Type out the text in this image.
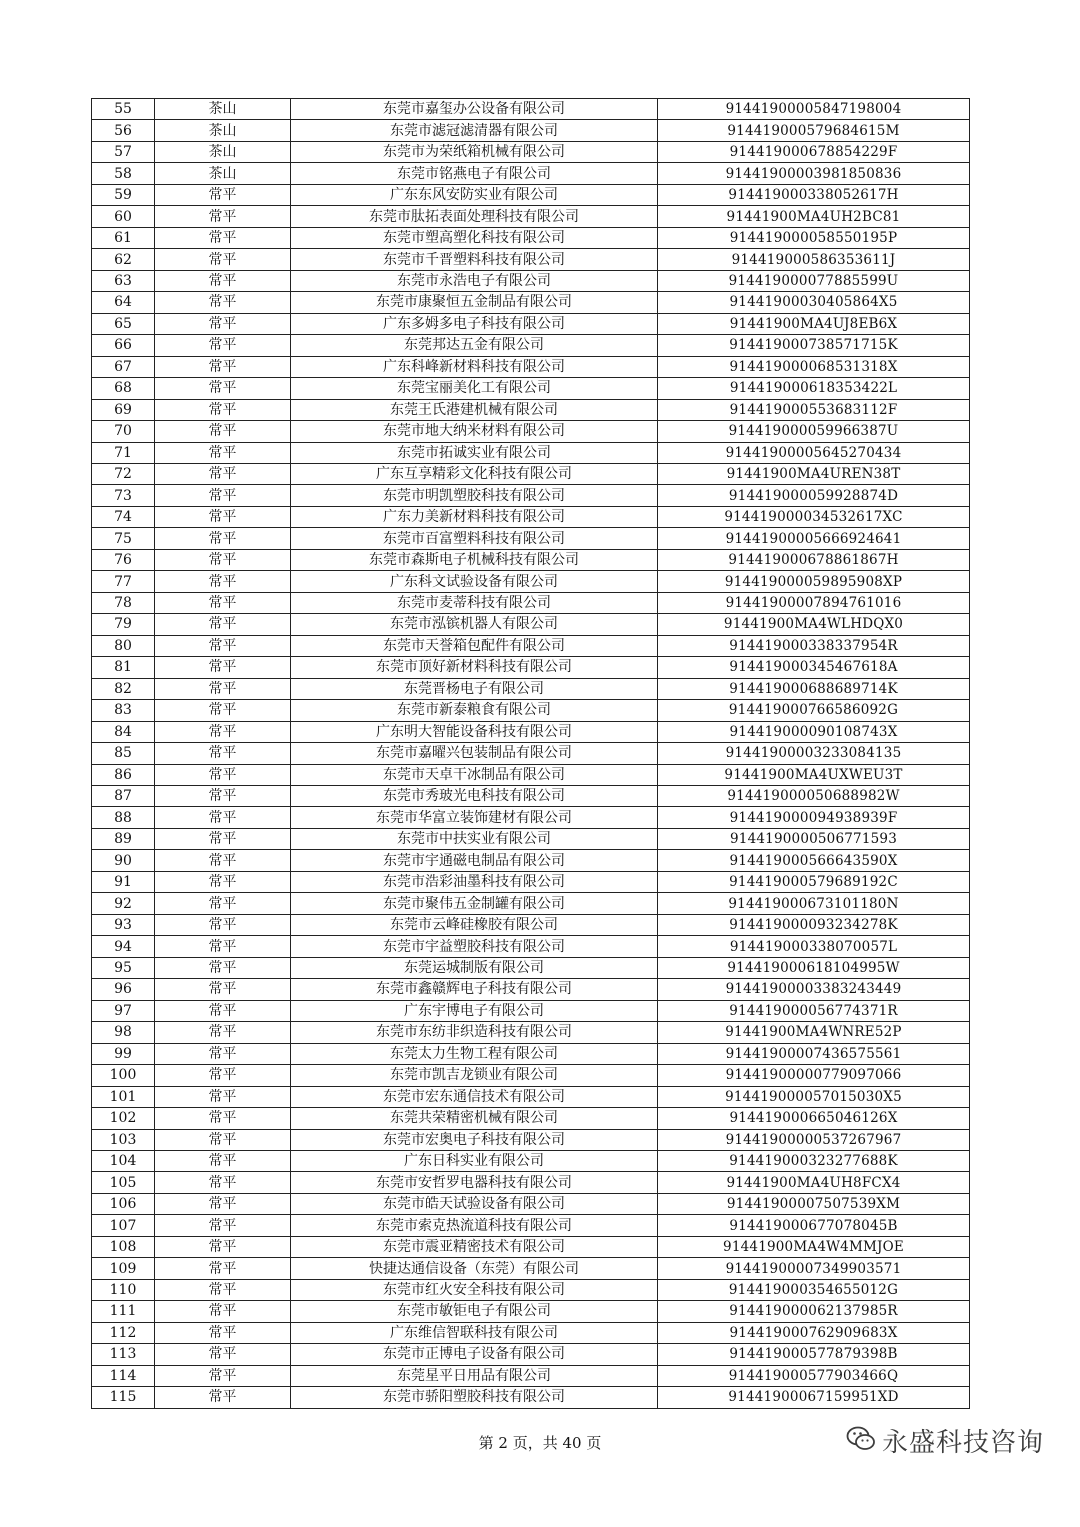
55	茶山	东莞市嘉玺办公设备有限公司	91441900005847198004
56	茶山	东莞市滤冠滤清器有限公司	914419000579684615M
57	茶山	东莞市为荣纸箱机械有限公司	914419000678854229F
58	茶山	东莞市铭燕电子有限公司	91441900003981850836
59	常平	广东东风安防实业有限公司	914419000338052617H
60	常平	东莞市肽拓表面处理科技有限公司	91441900MA4UH2BC81
61	常平	东莞市塑高塑化科技有限公司	914419000058550195P
62	常平	东莞市千晋塑料科技有限公司	914419000586353611J
63	常平	东莞市永浩电子有限公司	914419000077885599U
64	常平	东莞市康聚恒五金制品有限公司	91441900030405864X5
65	常平	广东多姆多电子科技有限公司	91441900MA4UJ8EB6X
66	常平	东莞邦达五金有限公司	914419000738571715K
67	常平	广东科峰新材料科技有限公司	914419000068531318X
68	常平	东莞宝丽美化工有限公司	914419000618353422L
69	常平	东莞王氏港建机械有限公司	914419000553683112F
70	常平	东莞市地大纳米材料有限公司	914419000059966387U
71	常平	东莞市拓诚实业有限公司	91441900005645270434
72	常平	广东互享精彩文化科技有限公司	91441900MA4UREN38T
73	常平	东莞市明凯塑胶科技有限公司	914419000059928874D
74	常平	广东力美新材料科技有限公司	914419000034532617XC
75	常平	东莞市百富塑料科技有限公司	91441900005666924641
76	常平	东莞市森斯电子机械科技有限公司	914419000678861867H
77	常平	广东科文试验设备有限公司	914419000059895908XP
78	常平	东莞市麦蒂科技有限公司	91441900007894761016
79	常平	东莞市泓镔机器人有限公司	91441900MA4WLHDQX0
80	常平	东莞市天誉箱包配件有限公司	914419000338337954R
81	常平	东莞市顶好新材料科技有限公司	914419000345467618A
82	常平	东莞晋杨电子有限公司	914419000688689714K
83	常平	东莞市新泰粮食有限公司	914419000766586092G
84	常平	广东明大智能设备科技有限公司	914419000090108743X
85	常平	东莞市嘉曜兴包装制品有限公司	91441900003233084135
86	常平	东莞市天卓干冰制品有限公司	91441900MA4UXWEU3T
87	常平	东莞市秀玻光电科技有限公司	914419000050688982W
88	常平	东莞市华富立装饰建材有限公司	914419000094938939F
89	常平	东莞市中扶实业有限公司	9144190000506771593
90	常平	东莞市宇通磁电制品有限公司	914419000566643590X
91	常平	东莞市浩彩油墨科技有限公司	914419000579689192C
92	常平	东莞市聚伟五金制罐有限公司	914419000673101180N
93	常平	东莞市云峰硅橡胶有限公司	914419000093234278K
94	常平	东莞市宇益塑胶科技有限公司	914419000338070057L
95	常平	东莞运城制版有限公司	914419000618104995W
96	常平	东莞市鑫赣辉电子科技有限公司	91441900003383243449
97	常平	广东宇博电子有限公司	914419000056774371R
98	常平	东莞市东纺非织造科技有限公司	91441900MA4WNRE52P
99	常平	东莞太力生物工程有限公司	91441900007436575561
100	常平	东莞市凯吉龙锁业有限公司	91441900000779097066
101	常平	东莞市宏东通信技术有限公司	914419000057015030X5
102	常平	东莞共荣精密机械有限公司	914419000665046126X
103	常平	东莞市宏奥电子科技有限公司	91441900000537267967
104	常平	广东日科实业有限公司	914419000323277688K
105	常平	东莞市安哲罗电器科技有限公司	91441900MA4UH8FCX4
106	常平	东莞市皓天试验设备有限公司	91441900007507539XM
107	常平	东莞市索克热流道科技有限公司	914419000677078045B
108	常平	东莞市震亚精密技术有限公司	91441900MA4W4MMJOE
109	常平	快捷达通信设备（东莞）有限公司	91441900007349903571
110	常平	东莞市红火安全科技有限公司	914419000354655012G
111	常平	东莞市敏钜电子有限公司	914419000062137985R
112	常平	广东维信智联科技有限公司	914419000762909683X
113	常平	东莞市正博电子设备有限公司	914419000577879398B
114	常平	东莞星平日用品有限公司	914419000577903466Q
115	常平	东莞市骄阳塑胶科技有限公司	91441900067159951XD
第 2 页，共 40 页	永盛科技咨询
